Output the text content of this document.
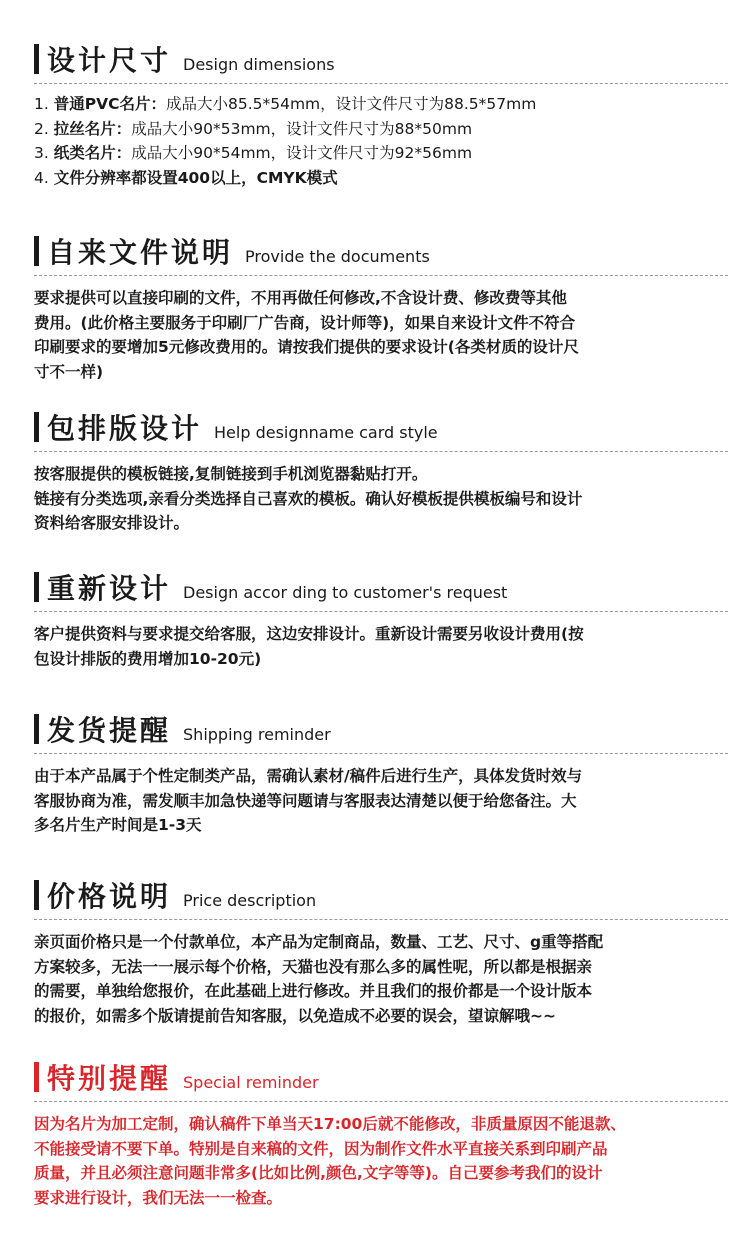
设计尺寸 Design dimensions
1. 普通PVC名片：成品大小85.5*54mm，设计文件尺寸为88.5*57mm
2. 拉丝名片：成品大小90*53mm，设计文件尺寸为88*50mm
3. 纸类名片：成品大小90*54mm，设计文件尺寸为92*56mm
4. 文件分辨率都设置400以上，CMYK模式
自来文件说明 Provide the documents
要求提供可以直接印刷的文件，不用再做任何修改,不含设计费、修改费等其他
费用。(此价格主要服务于印刷厂广告商，设计师等)，如果自来设计文件不符合
印刷要求的要增加5元修改费用的。请按我们提供的要求设计(各类材质的设计尺
寸不一样)
包排版设计 Help designname card style
按客服提供的模板链接,复制链接到手机浏览器黏贴打开。
链接有分类选项,亲看分类选择自己喜欢的模板。确认好模板提供模板编号和设计
资料给客服安排设计。
重新设计 Design accor ding to customer's request
客户提供资料与要求提交给客服，这边安排设计。重新设计需要另收设计费用(按
包设计排版的费用增加10-20元)
发货提醒 Shipping reminder
由于本产品属于个性定制类产品，需确认素材/稿件后进行生产，具体发货时效与
客服协商为准，需发顺丰加急快递等问题请与客服表达清楚以便于给您备注。大
多名片生产时间是1-3天
价格说明 Price description
亲页面价格只是一个付款单位，本产品为定制商品，数量、工艺、尺寸、g重等搭配
方案较多，无法一一展示每个价格，天猫也没有那么多的属性呢，所以都是根据亲
的需要，单独给您报价，在此基础上进行修改。并且我们的报价都是一个设计版本
的报价，如需多个版请提前告知客服，以免造成不必要的误会，望谅解哦~~
特别提醒 Special reminder
因为名片为加工定制，确认稿件下单当天17:00后就不能修改，非质量原因不能退款、
不能接受请不要下单。特别是自来稿的文件，因为制作文件水平直接关系到印刷产品
质量，并且必须注意问题非常多(比如比例,颜色,文字等等)。自己要参考我们的设计
要求进行设计，我们无法一一检查。
